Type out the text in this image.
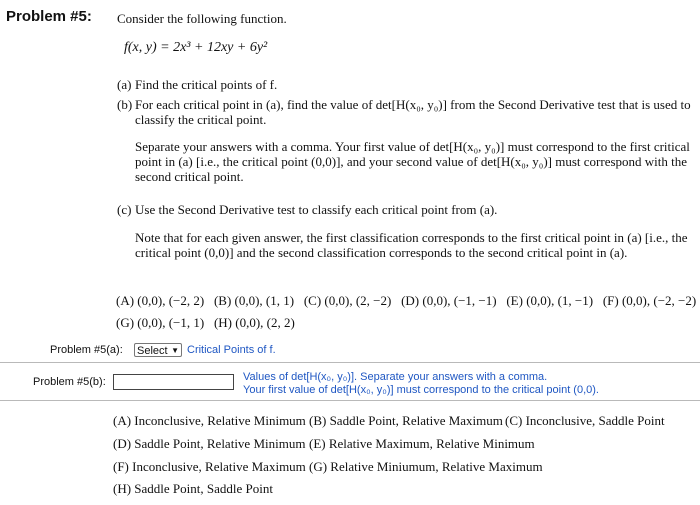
Problem #5: Consider the following function.
f(x, y) = 2x³ + 12xy + 6y²
(a) Find the critical points of f.
(b) For each critical point in (a), find the value of det[H(x₀, y₀)] from the Second Derivative test that is used to
classify the critical point.
Separate your answers with a comma. Your first value of det[H(x₀, y₀)] must correspond to the first critical
point in (a) [i.e., the critical point (0,0)], and your second value of det[H(x₀, y₀)] must correspond with the
second critical point.
(c) Use the Second Derivative test to classify each critical point from (a).
Note that for each given answer, the first classification corresponds to the first critical point in (a) [i.e., the
critical point (0,0)] and the second classification corresponds to the second critical point in (a).
(A) (0,0), (−2, 2)   (B) (0,0), (1, 1)   (C) (0,0), (2, −2)   (D) (0,0), (−1, −1)   (E) (0,0), (1, −1)   (F) (0,0), (−2, −2)
(G) (0,0), (−1, 1)   (H) (0,0), (2, 2)
Problem #5(a): Select ▼ Critical Points of f.
Problem #5(b):	Values of det[H(x₀, y₀)]. Separate your answers with a comma.
Your first value of det[H(x₀, y₀)] must correspond to the critical point (0,0).
(A) Inconclusive, Relative Minimum (B) Saddle Point, Relative Maximum (C) Inconclusive, Saddle Point
(D) Saddle Point, Relative Minimum (E) Relative Maximum, Relative Minimum
(F) Inconclusive, Relative Maximum (G) Relative Miniumum, Relative Maximum
(H) Saddle Point, Saddle Point
